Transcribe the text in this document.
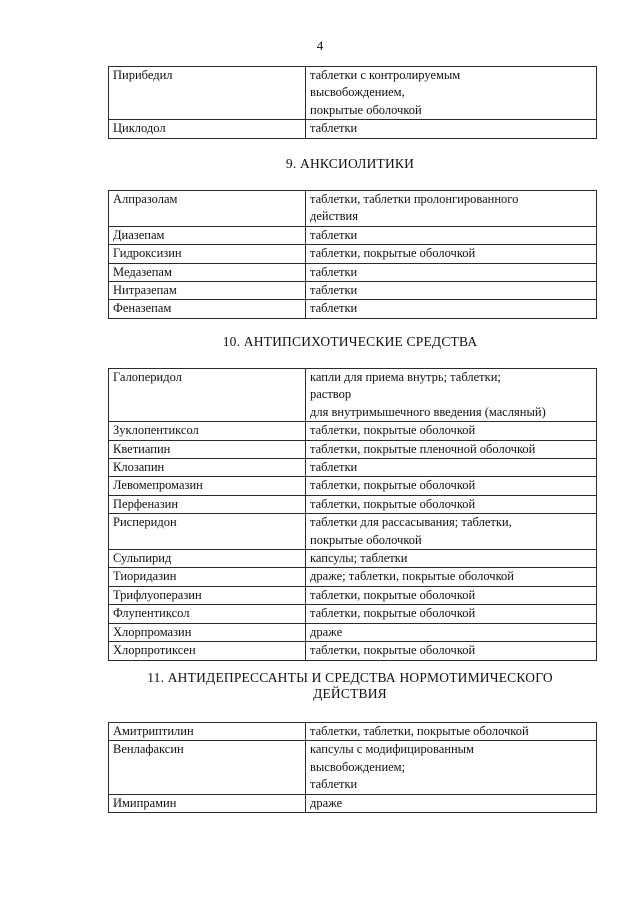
4
Пирибедил	таблетки с контролируемым
высвобождением,
покрытые оболочкой
Циклодол	таблетки
9. АНКСИОЛИТИКИ
Алпразолам	таблетки, таблетки пролонгированного
действия
Диазепам	таблетки
Гидроксизин	таблетки, покрытые оболочкой
Медазепам	таблетки
Нитразепам	таблетки
Феназепам	таблетки
10. АНТИПСИХОТИЧЕСКИЕ СРЕДСТВА
Галоперидол	капли для приема внутрь; таблетки;
раствор
для внутримышечного введения (масляный)
Зуклопентиксол	таблетки, покрытые оболочкой
Кветиапин	таблетки, покрытые пленочной оболочкой
Клозапин	таблетки
Левомепромазин	таблетки, покрытые оболочкой
Перфеназин	таблетки, покрытые оболочкой
Рисперидон	таблетки для рассасывания; таблетки,
покрытые оболочкой
Сульпирид	капсулы; таблетки
Тиоридазин	драже; таблетки, покрытые оболочкой
Трифлуоперазин	таблетки, покрытые оболочкой
Флупентиксол	таблетки, покрытые оболочкой
Хлорпромазин	драже
Хлорпротиксен	таблетки, покрытые оболочкой
11. АНТИДЕПРЕССАНТЫ И СРЕДСТВА НОРМОТИМИЧЕСКОГО
ДЕЙСТВИЯ
Амитриптилин	таблетки, таблетки, покрытые оболочкой
Венлафаксин	капсулы с модифицированным
высвобождением;
таблетки
Имипрамин	драже
